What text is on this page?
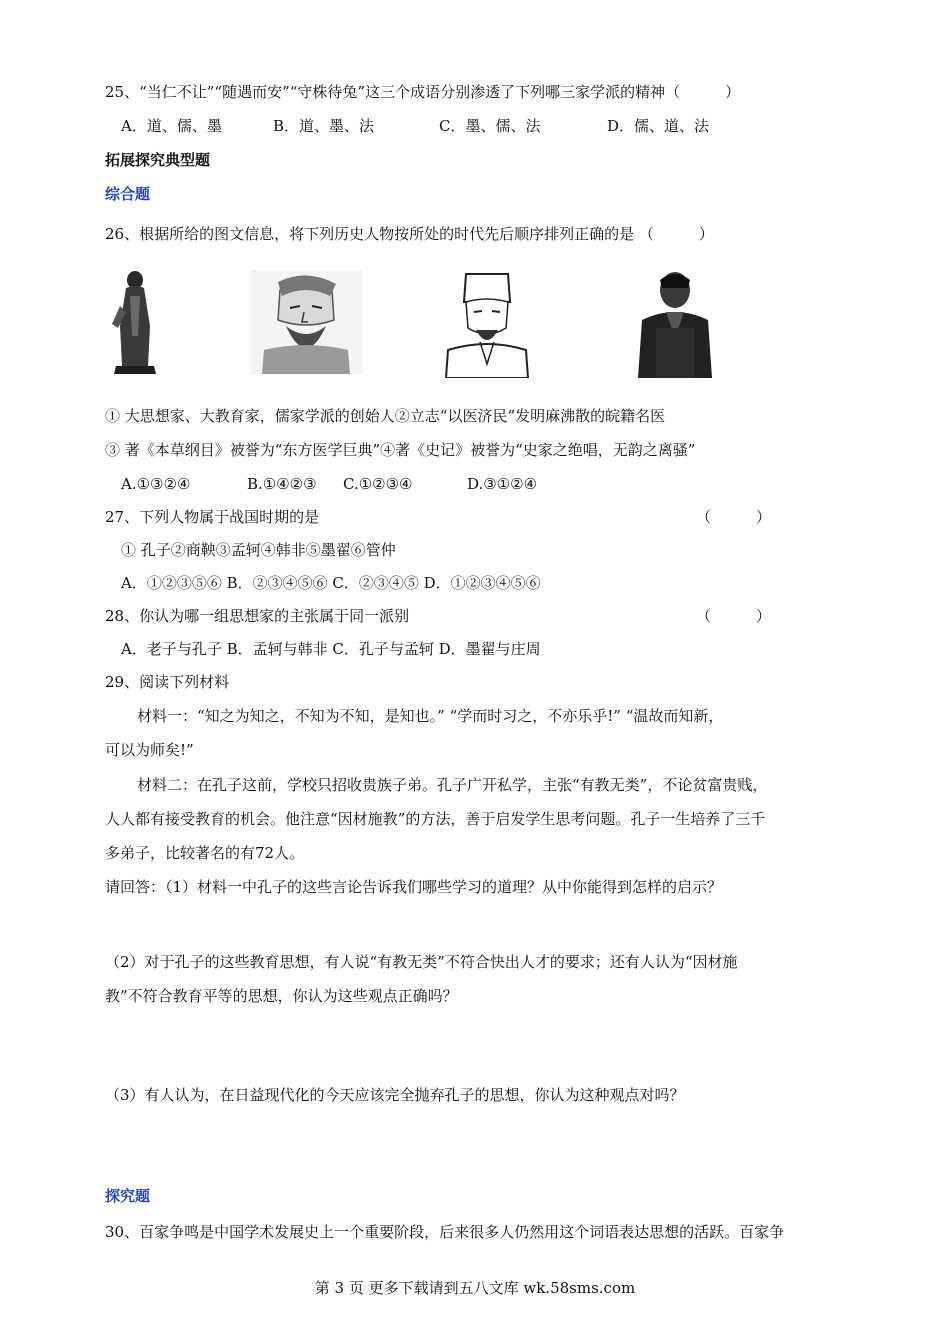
25、“当仁不让”“随遇而安”“守株待兔”这三个成语分别渗透了下列哪三家学派的精神（　　　）
A．道、儒、墨	B．道、墨、法	C．墨、儒、法	D．儒、道、法
拓展探究典型题
综合题
26、根据所给的图文信息，将下列历史人物按所处的时代先后顺序排列正确的是 （　　　）
① 大思想家、大教育家，儒家学派的创始人②立志“以医济民”发明麻沸散的皖籍名医
③ 著《本草纲目》被誉为“东方医学巨典”④著《史记》被誉为“史家之绝唱，无韵之离骚”
A.①③②④	B.①④②③ C.①②③④	D.③①②④
27、下列人物属于战国时期的是	（　　　）
① 孔子②商鞅③孟轲④韩非⑤墨翟⑥管仲
A．①②③⑤⑥ B．②③④⑤⑥ C．②③④⑤ D．①②③④⑤⑥
28、你认为哪一组思想家的主张属于同一派别	（　　　）
A．老子与孔子 B．孟轲与韩非 C．孔子与孟轲 D．墨翟与庄周
29、阅读下列材料
材料一：“知之为知之，不知为不知，是知也。” “学而时习之，不亦乐乎!” “温故而知新，
可以为师矣!”
材料二：在孔子这前，学校只招收贵族子弟。孔子广开私学，主张“有教无类”，不论贫富贵贱，
人人都有接受教育的机会。他注意“因材施教”的方法，善于启发学生思考问题。孔子一生培养了三千
多弟子，比较著名的有72人。
请回答：（1）材料一中孔子的这些言论告诉我们哪些学习的道理？从中你能得到怎样的启示？
（2）对于孔子的这些教育思想，有人说“有教无类”不符合快出人才的要求；还有人认为“因材施
教”不符合教育平等的思想，你认为这些观点正确吗？
（3）有人认为，在日益现代化的今天应该完全抛弃孔子的思想，你认为这种观点对吗？
探究题
30、百家争鸣是中国学术发展史上一个重要阶段，后来很多人仍然用这个词语表达思想的活跃。百家争
第 3 页 更多下载请到五八文库 wk.58sms.com
